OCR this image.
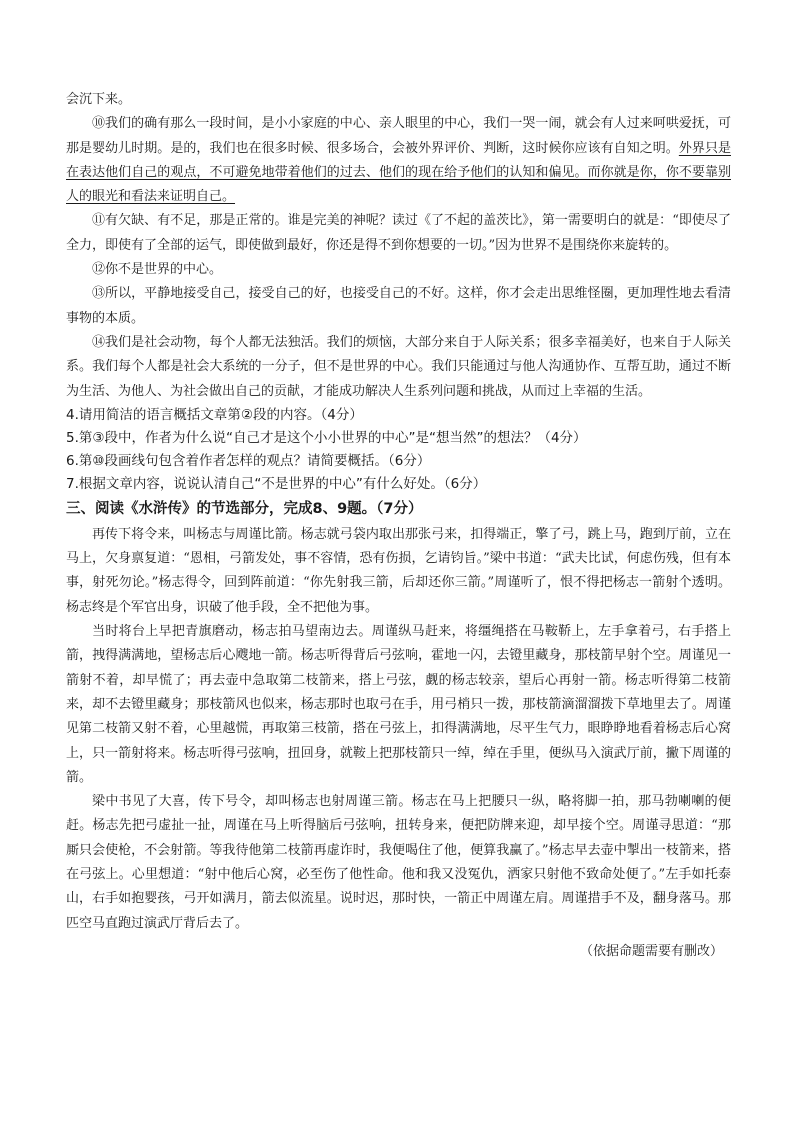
会沉下来。

⑩我们的确有那么一段时间，是小小家庭的中心、亲人眼里的中心，我们一哭一闹，就会有人过来呵哄爱抚，可那是婴幼儿时期。是的，我们也在很多时候、很多场合，会被外界评价、判断，这时候你应该有自知之明。外界只是在表达他们自己的观点，不可避免地带着他们的过去、他们的现在给予他们的认知和偏见。而你就是你，你不要靠别人的眼光和看法来证明自己。

⑪有欠缺、有不足，那是正常的。谁是完美的神呢？读过《了不起的盖茨比》，第一需要明白的就是：“即使尽了全力，即使有了全部的运气，即使做到最好，你还是得不到你想要的一切。”因为世界不是围绕你来旋转的。

⑫你不是世界的中心。

⑬所以，平静地接受自己，接受自己的好，也接受自己的不好。这样，你才会走出思维怪圈，更加理性地去看清事物的本质。

⑭我们是社会动物，每个人都无法独活。我们的烦恼，大部分来自于人际关系；很多幸福美好，也来自于人际关系。我们每个人都是社会大系统的一分子，但不是世界的中心。我们只能通过与他人沟通协作、互帮互助，通过不断为生活、为他人、为社会做出自己的贡献，才能成功解决人生系列问题和挑战，从而过上幸福的生活。

4.请用简洁的语言概括文章第②段的内容。（4分）

5.第③段中，作者为什么说“自己才是这个小小世界的中心”是“想当然”的想法？（4分）

6.第⑩段画线句包含着作者怎样的观点？请简要概括。（6分）

7.根据文章内容，说说认清自己“不是世界的中心”有什么好处。（6分）

三、阅读《水浒传》的节选部分，完成8、9题。（7分）

再传下将令来，叫杨志与周谨比箭。杨志就弓袋内取出那张弓来，扣得端正，擎了弓，跳上马，跑到厅前，立在马上，欠身禀复道：“恩相，弓箭发处，事不容情，恐有伤损，乞请钧旨。”梁中书道：“武夫比试，何虑伤残，但有本事，射死勿论。”杨志得令，回到阵前道：“你先射我三箭，后却还你三箭。”周谨听了，恨不得把杨志一箭射个透明。杨志终是个军官出身，识破了他手段，全不把他为事。

当时将台上早把青旗磨动，杨志拍马望南边去。周谨纵马赶来，将缰绳搭在马鞍鞒上，左手拿着弓，右手搭上箭，拽得满满地，望杨志后心飕地一箭。杨志听得背后弓弦响，霍地一闪，去镫里藏身，那枝箭早射个空。周谨见一箭射不着，却早慌了；再去壶中急取第二枝箭来，搭上弓弦，觑的杨志较亲，望后心再射一箭。杨志听得第二枝箭来，却不去镫里藏身；那枝箭风也似来，杨志那时也取弓在手，用弓梢只一拨，那枝箭滴溜溜拨下草地里去了。周谨见第二枝箭又射不着，心里越慌，再取第三枝箭，搭在弓弦上，扣得满满地，尽平生气力，眼睁睁地看着杨志后心窝上，只一箭射将来。杨志听得弓弦响，扭回身，就鞍上把那枝箭只一绰，绰在手里，便纵马入演武厅前，撇下周谨的箭。

梁中书见了大喜，传下号令，却叫杨志也射周谨三箭。杨志在马上把腰只一纵，略将脚一拍，那马勃喇喇的便赶。杨志先把弓虚扯一扯，周谨在马上听得脑后弓弦响，扭转身来，便把防牌来迎，却早接个空。周谨寻思道：“那厮只会使枪，不会射箭。等我待他第二枝箭再虚诈时，我便喝住了他，便算我赢了。”杨志早去壶中掣出一枝箭来，搭在弓弦上。心里想道：“射中他后心窝，必至伤了他性命。他和我又没冤仇，洒家只射他不致命处便了。”左手如托泰山，右手如抱婴孩，弓开如满月，箭去似流星。说时迟，那时快，一箭正中周谨左肩。周谨措手不及，翻身落马。那匹空马直跑过演武厅背后去了。

（依据命题需要有删改）
